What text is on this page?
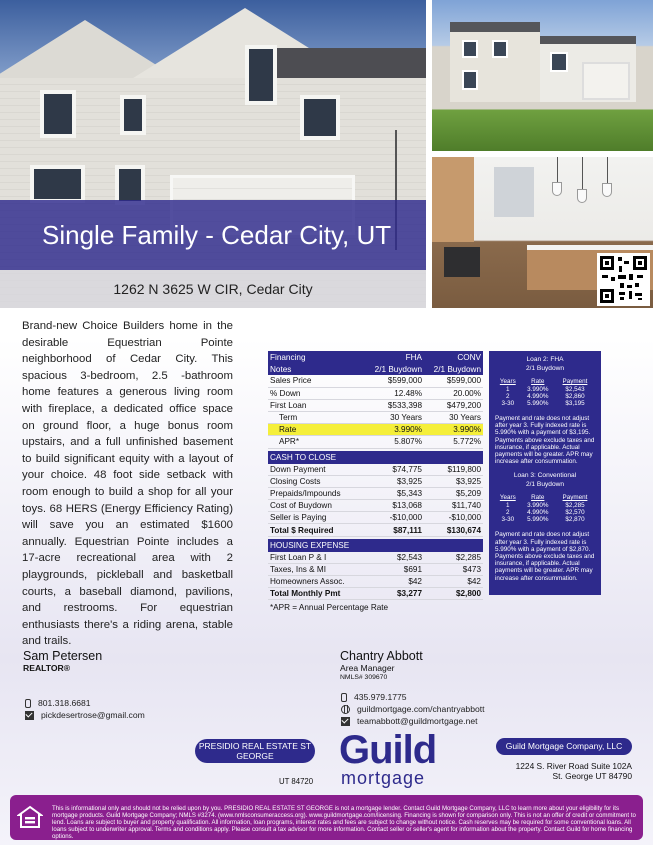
Single Family - Cedar City, UT
1262 N 3625 W CIR, Cedar City

Brand-new Choice Builders home in the desirable Equestrian Pointe neighborhood of Cedar City. This spacious 3-bedroom, 2.5 -bathroom home features a generous living room with fireplace, a dedicated office space on ground floor, a huge bonus room upstairs, and a full unfinished basement to build significant equity with a layout of your choice. 48 foot side setback with room enough to build a shop for all your toys. 68 HERS (Energy Efficiency Rating) will save you an estimated $1600 annually. Equestrian Pointe includes a 17-acre recreational area with 2 playgrounds, pickleball and basketball courts, a baseball diamond, pavilions, and restrooms. For equestrian enthusiasts there's a riding arena, stable and trails.

Financing	FHA	CONV
Notes	2/1 Buydown	2/1 Buydown
Sales Price	$599,000	$599,000
% Down	12.48%	20.00%
First Loan	$533,398	$479,200
Term	30 Years	30 Years
Rate	3.990%	3.990%
APR*	5.807%	5.772%
CASH TO CLOSE
Down Payment	$74,775	$119,800
Closing Costs	$3,925	$3,925
Prepaids/Impounds	$5,343	$5,209
Cost of Buydown	$13,068	$11,740
Seller is Paying	-$10,000	-$10,000
Total $ Required	$87,111	$130,674
HOUSING EXPENSE
First Loan P & I	$2,543	$2,285
Taxes, Ins & MI	$691	$473
Homeowners Assoc.	$42	$42
Total Monthly Pmt	$3,277	$2,800
*APR = Annual Percentage Rate
Loan 2: FHA
2/1 Buydown
Years	Rate	Payment
1	3.990%	$2,543
2	4.990%	$2,860
3-30	5.990%	$3,195
Payment and rate does not adjust after year 3. Fully indexed rate is 5.990% with a payment of $3,195. Payments above exclude taxes and insurance, if applicable. Actual payments will be greater. APR may increase after consummation.
Loan 3: Conventional
2/1 Buydown
Years	Rate	Payment
1	3.990%	$2,285
2	4.990%	$2,570
3-30	5.990%	$2,870
Payment and rate does not adjust after year 3. Fully indexed rate is 5.990% with a payment of $2,870. Payments above exclude taxes and insurance, if applicable. Actual payments will be greater. APR may increase after consummation.
Sam Petersen
REALTOR®
801.318.6681
pickdesertrose@gmail.com
PRESIDIO REAL ESTATE ST GEORGE
UT 84720
Chantry Abbott
Area Manager
NMLS# 309670
435.979.1775
guildmortgage.com/chantryabbott
teamabbott@guildmortgage.net
Guild
mortgage
Guild Mortgage Company, LLC
1224 S. River Road Suite 102A
St. George UT 84790

This is informational only and should not be relied upon by you. PRESIDIO REAL ESTATE ST GEORGE is not a mortgage lender. Contact Guild Mortgage Company, LLC to learn more about your eligibility for its mortgage products. Guild Mortgage Company; NMLS #3274. (www.nmlsconsumeraccess.org). www.guildmortgage.com/licensing. Financing is shown for comparison only. This is not an offer of credit or commitment to lend. Loans are subject to buyer and property qualification. All information, loan programs, interest rates and fees are subject to change without notice. Cash reserves may be required for some conventional loans. All loans subject to underwriter approval. Terms and conditions apply. Please consult a tax advisor for more information. Contact seller or seller's agent for information about the property. Contact Guild for home financing options.
